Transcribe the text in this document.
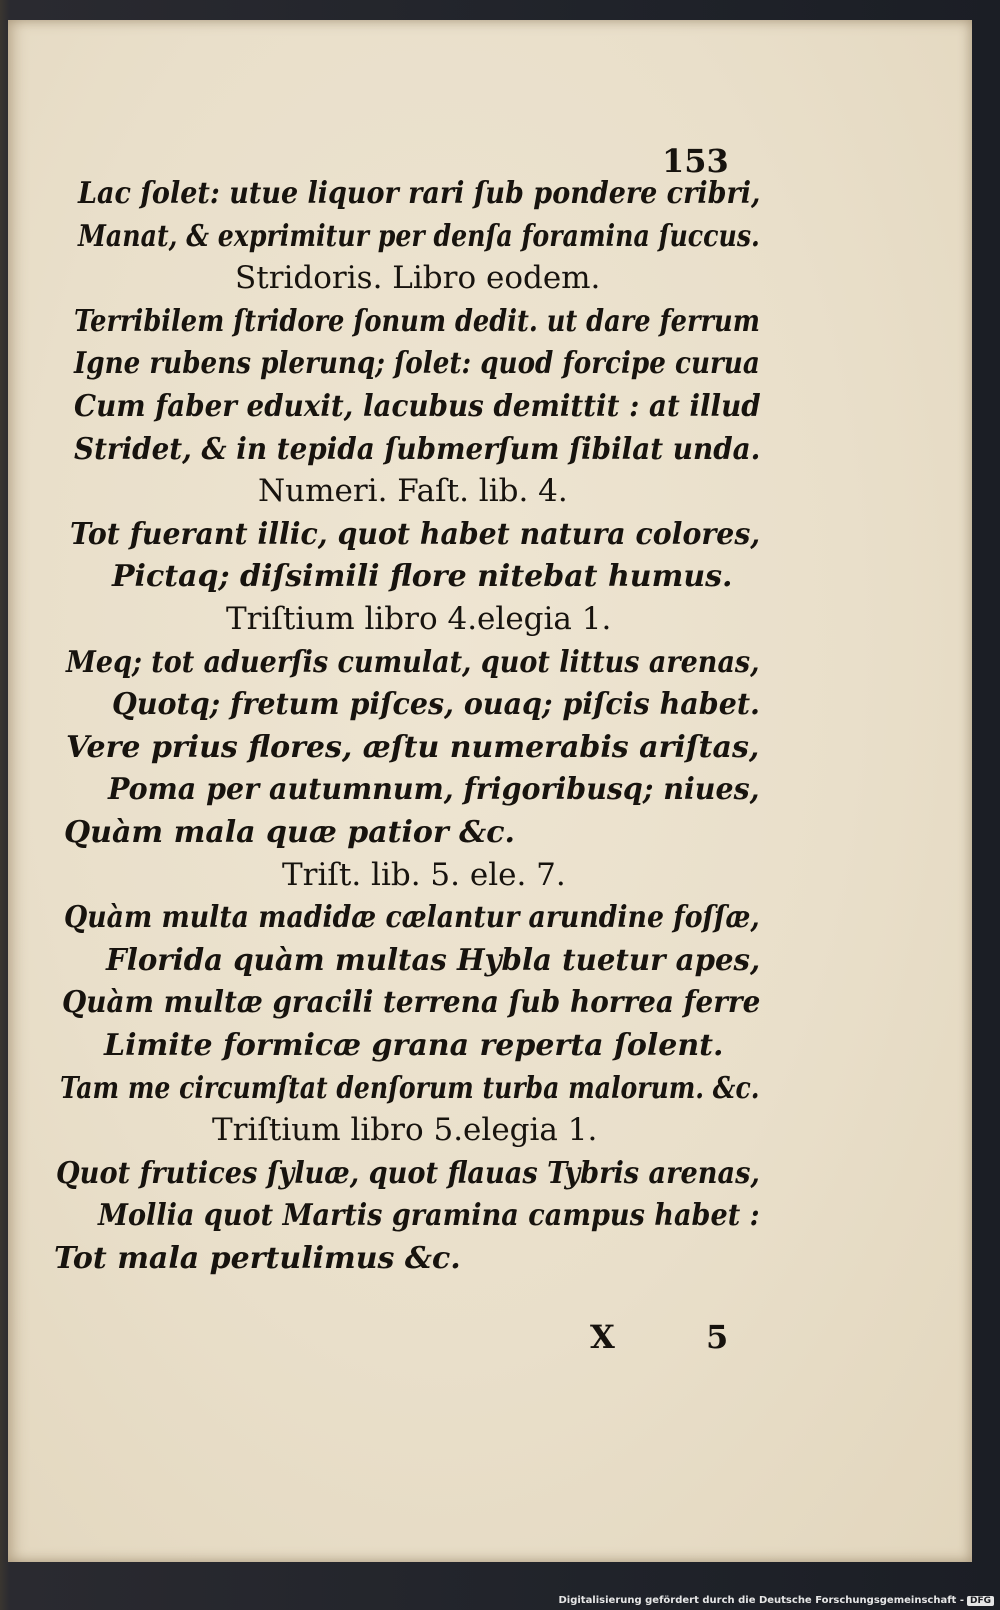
153
Lac ſolet: utue liquor rari ſub pondere cribri,
Manat, & exprimitur per denſa foramina ſuccus.
Stridoris. Libro eodem.
Terribilem ſtridore ſonum dedit. ut dare ferrum
Igne rubens plerunq; ſolet: quod forcipe curua
Cum faber eduxit, lacubus demittit : at illud
Stridet, & in tepida ſubmerſum ſibilat unda.
Numeri. Faſt. lib. 4.
Tot fuerant illic, quot habet natura colores,
Pictaq; diſsimili flore nitebat humus.
Triſtium libro 4.elegia 1.
Meq; tot aduerſis cumulat, quot littus arenas,
Quotq; fretum piſces, ouaq; piſcis habet.
Vere prius flores, æſtu numerabis ariſtas,
Poma per autumnum, frigoribusq; niues,
Quàm mala quæ patior &c.
Triſt. lib. 5. ele. 7.
Quàm multa madidæ cælantur arundine foſſæ,
Florida quàm multas Hybla tuetur apes,
Quàm multæ gracili terrena ſub horrea ferre
Limite formicæ grana reperta ſolent.
Tam me circumſtat denſorum turba malorum. &c.
Triſtium libro 5.elegia 1.
Quot frutices ſyluæ, quot flauas Tybris arenas,
Mollia quot Martis gramina campus habet :
Tot mala pertulimus &c.
X 5
Digitalisierung gefördert durch die Deutsche Forschungsgemeinschaft - DFG
